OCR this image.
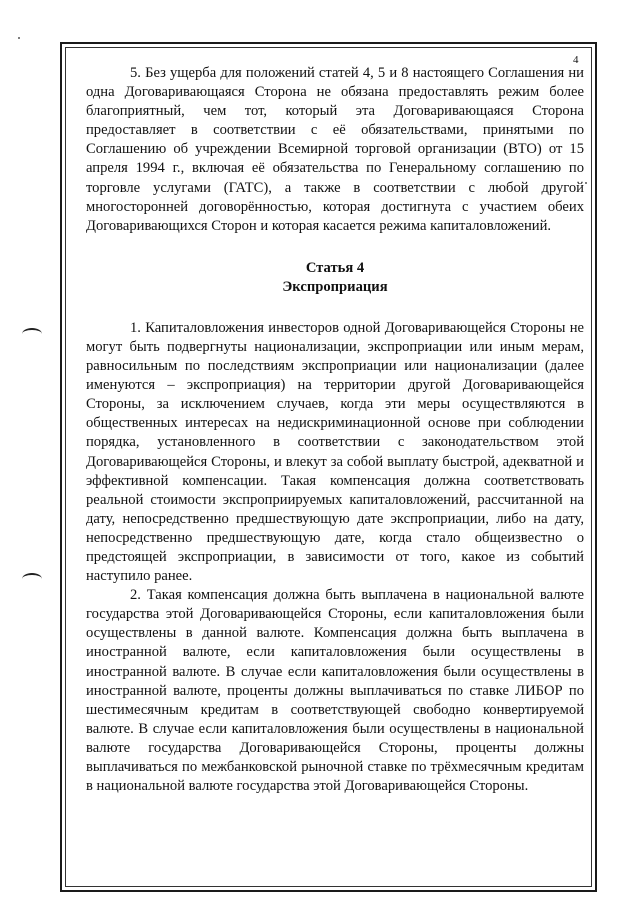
4

5. Без ущерба для положений статей 4, 5 и 8 настоящего Соглашения ни одна Договаривающаяся Сторона не обязана предоставлять режим более благоприятный, чем тот, который эта Договаривающаяся Сторона предоставляет в соответствии с её обязательствами, принятыми по Соглашению об учреждении Всемирной торговой организации (ВТО) от 15 апреля 1994 г., включая её обязательства по Генеральному соглашению по торговле услугами (ГАТС), а также в соответствии с любой другой многосторонней договорённостью, которая достигнута с участием обеих Договаривающихся Сторон и которая касается режима капиталовложений.

Статья 4
Экспроприация

1. Капиталовложения инвесторов одной Договаривающейся Стороны не могут быть подвергнуты национализации, экспроприации или иным мерам, равносильным по последствиям экспроприации или национализации (далее именуются – экспроприация) на территории другой Договаривающейся Стороны, за исключением случаев, когда эти меры осуществляются в общественных интересах на недискриминационной основе при соблюдении порядка, установленного в соответствии с законодательством этой Договаривающейся Стороны, и влекут за собой выплату быстрой, адекватной и эффективной компенсации. Такая компенсация должна соответствовать реальной стоимости экспроприируемых капиталовложений, рассчитанной на дату, непосредственно предшествующую дате экспроприации, либо на дату, непосредственно предшествующую дате, когда стало общеизвестно о предстоящей экспроприации, в зависимости от того, какое из событий наступило ранее.

2. Такая компенсация должна быть выплачена в национальной валюте государства этой Договаривающейся Стороны, если капиталовложения были осуществлены в данной валюте. Компенсация должна быть выплачена в иностранной валюте, если капиталовложения были осуществлены в иностранной валюте. В случае если капиталовложения были осуществлены в иностранной валюте, проценты должны выплачиваться по ставке ЛИБОР по шестимесячным кредитам в соответствующей свободно конвертируемой валюте. В случае если капиталовложения были осуществлены в национальной валюте государства Договаривающейся Стороны, проценты должны выплачиваться по межбанковской рыночной ставке по трёхмесячным кредитам в национальной валюте государства этой Договаривающейся Стороны.
